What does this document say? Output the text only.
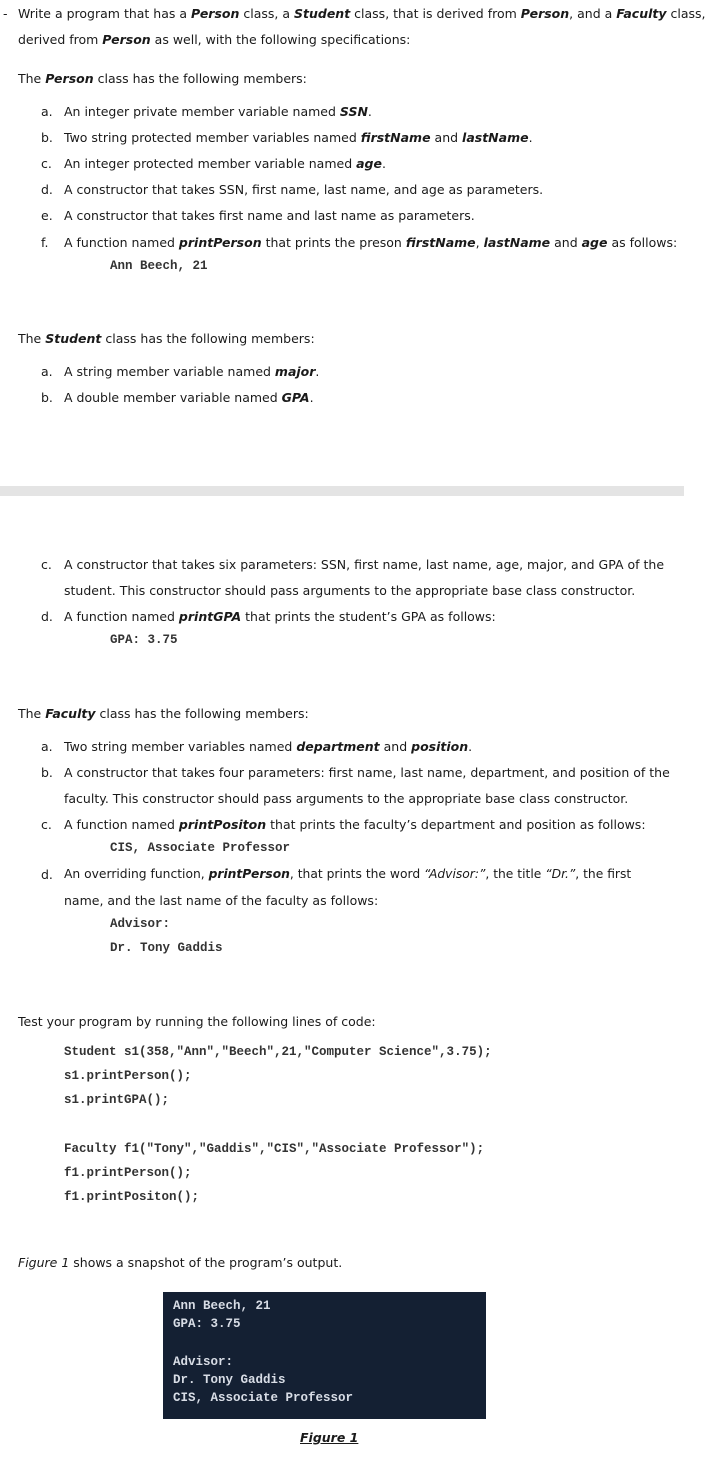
- Write a program that has a Person class, a Student class, that is derived from Person, and a Faculty class,
derived from Person as well, with the following specifications:
The Person class has the following members:
a. An integer private member variable named SSN.
b. Two string protected member variables named firstName and lastName.
c. An integer protected member variable named age.
d. A constructor that takes SSN, first name, last name, and age as parameters.
e. A constructor that takes first name and last name as parameters.
f. A function named printPerson that prints the preson firstName, lastName and age as follows:
Ann Beech, 21
The Student class has the following members:
a. A string member variable named major.
b. A double member variable named GPA.
c. A constructor that takes six parameters: SSN, first name, last name, age, major, and GPA of the
student. This constructor should pass arguments to the appropriate base class constructor.
d. A function named printGPA that prints the student’s GPA as follows:
GPA: 3.75
The Faculty class has the following members:
a. Two string member variables named department and position.
b. A constructor that takes four parameters: first name, last name, department, and position of the
faculty. This constructor should pass arguments to the appropriate base class constructor.
c. A function named printPositon that prints the faculty’s department and position as follows:
CIS, Associate Professor
d. An overriding function, printPerson, that prints the word “Advisor:”, the title “Dr.”, the first
name, and the last name of the faculty as follows:
Advisor:
Dr. Tony Gaddis
Test your program by running the following lines of code:
Student s1(358,"Ann","Beech",21,"Computer Science",3.75);
s1.printPerson();
s1.printGPA();
Faculty f1("Tony","Gaddis","CIS","Associate Professor");
f1.printPerson();
f1.printPositon();
Figure 1 shows a snapshot of the program’s output.
Ann Beech, 21
GPA: 3.75
Advisor:
Dr. Tony Gaddis
CIS, Associate Professor
Figure 1
